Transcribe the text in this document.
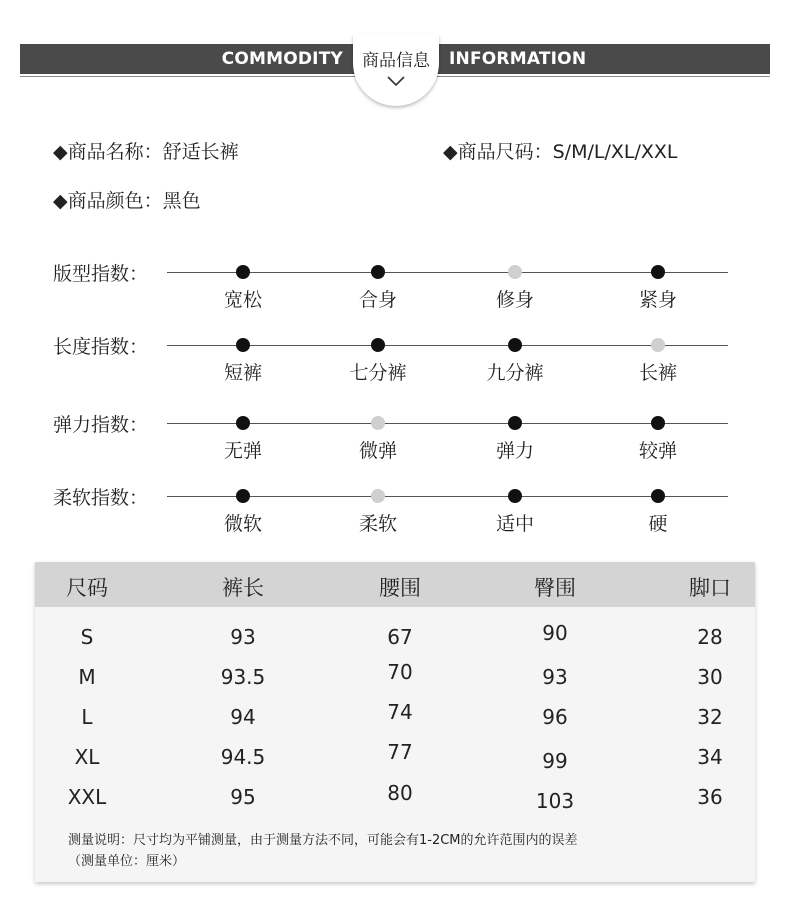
COMMODITY	INFORMATION
商品信息
◆商品名称：舒适长裤	◆商品尺码：S/M/L/XL/XXL
◆商品颜色：黑色
版型指数：
宽松	合身	修身	紧身
长度指数：
短裤	七分裤	九分裤	长裤
弹力指数：
无弹	微弹	弹力	较弹
柔软指数：
微软	柔软	适中	硬
尺码	裤长	腰围	臀围	脚口
S	93	67	90	28
M	93.5	70	93	30
L	94	74	96	32
XL	94.5	77	99	34
XXL	95	80	103	36
测量说明：尺寸均为平铺测量，由于测量方法不同，可能会有1-2CM的允许范围内的误差
（测量单位：厘米）
